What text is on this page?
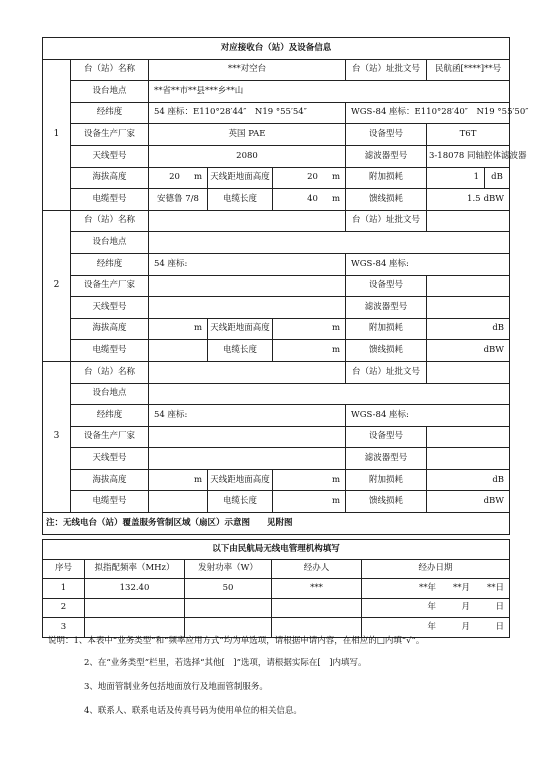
对应接收台（站）及设备信息							
1	台（站）名称	***对空台			台（站）址批文号	民航函[****]**号	
	设台地点	**省**市**县***乡**山					
	经纬度	54 座标：E110°28′44″　N19 °55′54″			WGS-84 座标：E110°28′40″　N19 °55′50″		
	设备生产厂家	英国 PAE			设备型号	T6T	
	天线型号	2080			滤波器型号	3-18078 同轴腔体滤波器	
	海拔高度	20 m	天线距地面高度	20 m	附加损耗	1	dB
	电缆型号	安德鲁 7/8	电缆长度	40 m	馈线损耗	1.5 dBW	
2	台（站）名称				台（站）址批文号		
	设台地点						
	经纬度	54 座标:			WGS-84 座标:		
	设备生产厂家				设备型号		
	天线型号				滤波器型号		
	海拔高度	m	天线距地面高度	m	附加损耗	dB	
	电缆型号		电缆长度	m	馈线损耗	dBW	
3	台（站）名称				台（站）址批文号		
	设台地点						
	经纬度	54 座标:			WGS-84 座标:		
	设备生产厂家				设备型号		
	天线型号				滤波器型号		
	海拔高度	m	天线距地面高度	m	附加损耗	dB	
	电缆型号		电缆长度	m	馈线损耗	dBW	
注：无线电台（站）覆盖服务管制区域（扇区）示意图　　见附图							
以下由民航局无线电管理机构填写				
序号	拟指配频率（MHz）	发射功率（W）	经办人	经办日期
1	132.40	50	***	**年　　**月　　**日
2				年　　　月　　　日
3				年　　　月　　　日
说明：1、本表中“业务类型”和“频率应用方式”均为单选项，请根据申请内容，在相应的□内填“√”。
2、在“业务类型”栏里，若选择“其他[　]”选项，请根据实际在[　]内填写。
3、地面管制业务包括地面放行及地面管制服务。
4、联系人、联系电话及传真号码为使用单位的相关信息。
